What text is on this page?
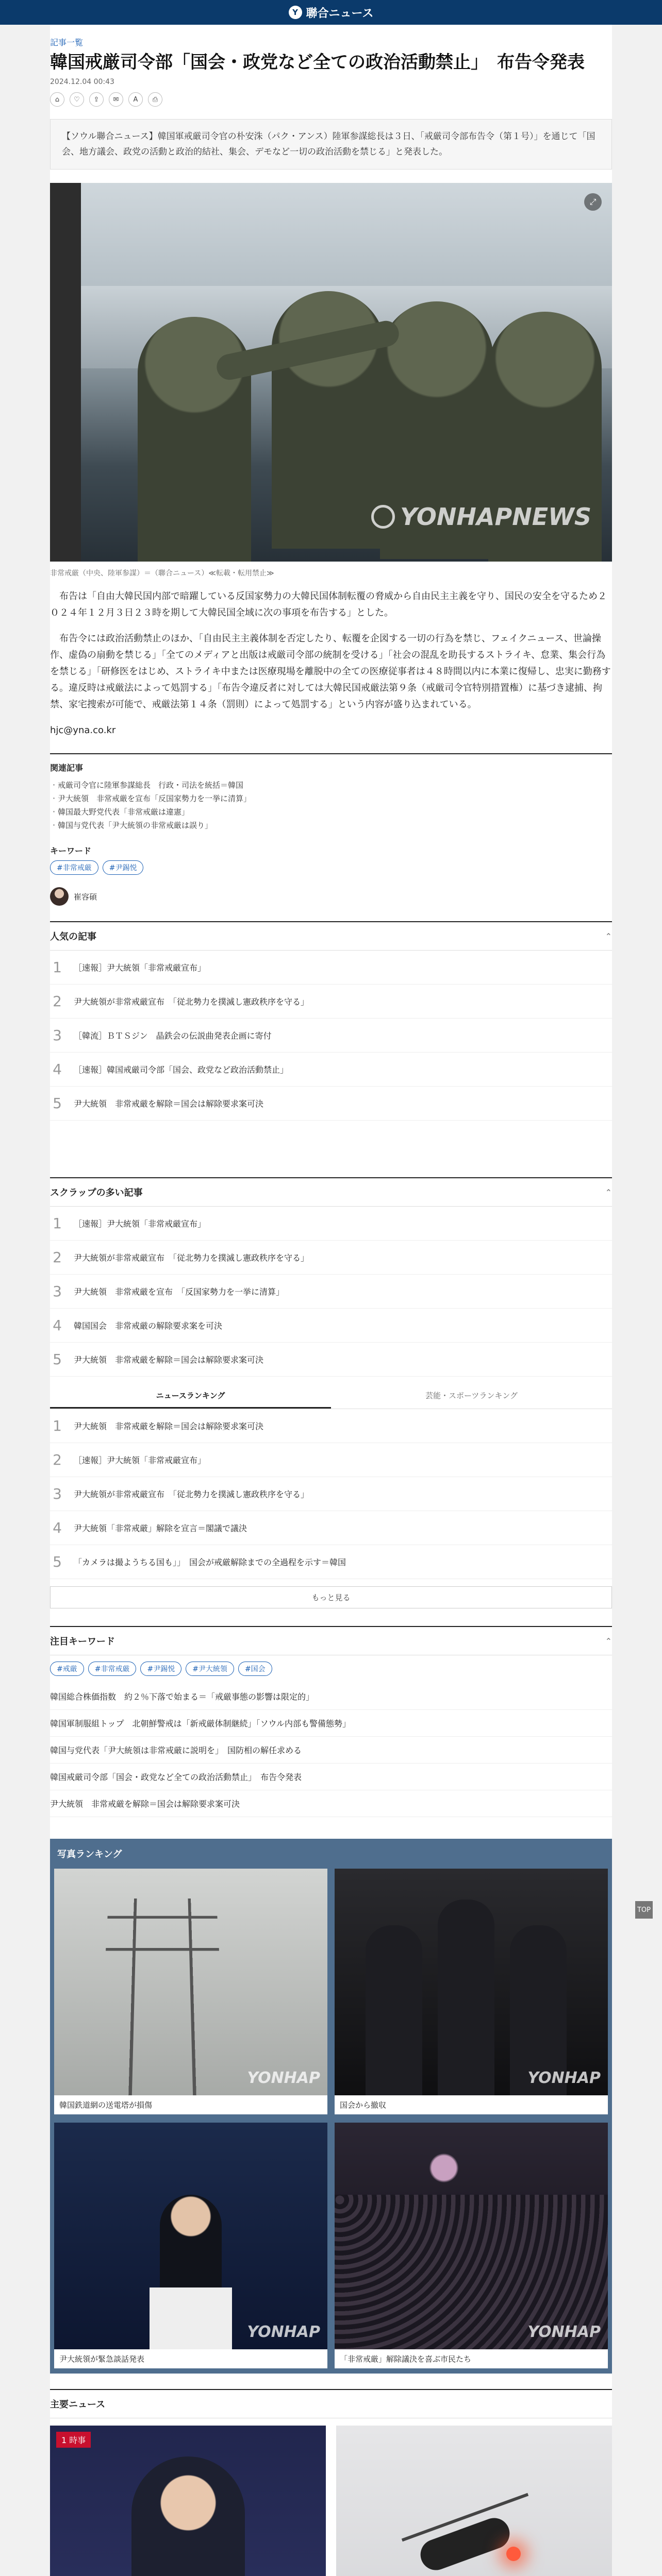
Y 聯合ニュース
記事一覧
韓国戒厳司令部「国会・政党など全ての政治活動禁止」　布告令発表
2024.12.04 00:43
⌂	♡	⇪	✉	A	⎙
【ソウル聯合ニュース】韓国軍戒厳司令官の朴安洙（パク・アンス）陸軍参謀総長は３日、「戒厳司令部布告令（第１号）」を通じて「国会、地方議会、政党の活動と政治的結社、集会、デモなど一切の政治活動を禁じる」と発表した。
⤢
YONHAPNEWS
非常戒厳（中央、陸軍参謀）＝（聯合ニュース）≪転載・転用禁止≫

布告は「自由大韓民国内部で暗躍している反国家勢力の大韓民国体制転覆の脅威から自由民主主義を守り、国民の安全を守るため２０２４年１２月３日２３時を期して大韓民国全域に次の事項を布告する」とした。

布告令には政治活動禁止のほか、「自由民主主義体制を否定したり、転覆を企図する一切の行為を禁じ、フェイクニュース、世論操作、虚偽の扇動を禁じる」「全てのメディアと出版は戒厳司令部の統制を受ける」「社会の混乱を助長するストライキ、怠業、集会行為を禁じる」「研修医をはじめ、ストライキ中または医療現場を離脱中の全ての医療従事者は４８時間以内に本業に復帰し、忠実に勤務する。違反時は戒厳法によって処罰する」「布告令違反者に対しては大韓民国戒厳法第９条（戒厳司令官特別措置権）に基づき逮捕、拘禁、家宅捜索が可能で、戒厳法第１４条（罰則）によって処罰する」という内容が盛り込まれている。

hjc@yna.co.kr
関連記事
・ 戒厳司令官に陸軍参謀総長　行政・司法を統括＝韓国
・ 尹大統領　非常戒厳を宣布「反国家勢力を一挙に清算」
・ 韓国最大野党代表「非常戒厳は違憲」
・ 韓国与党代表「尹大統領の非常戒厳は誤り」
キーワード
#非常戒厳	#尹錫悦
崔容碩
人気の記事	⌃
1	［速報］尹大統領「非常戒厳宣布」
2	尹大統領が非常戒厳宣布　「従北勢力を撲滅し憲政秩序を守る」
3	［韓流］ＢＴＳジン　晶鉄会の伝説曲発表企画に寄付
4	［速報］韓国戒厳司令部「国会、政党など政治活動禁止」
5	尹大統領　非常戒厳を解除＝国会は解除要求案可決
スクラップの多い記事	⌃
1	［速報］尹大統領「非常戒厳宣布」
2	尹大統領が非常戒厳宣布　「従北勢力を撲滅し憲政秩序を守る」
3	尹大統領　非常戒厳を宣布　「反国家勢力を一挙に清算」
4	韓国国会　非常戒厳の解除要求案を可決
5	尹大統領　非常戒厳を解除＝国会は解除要求案可決
ニュースランキング	芸能・スポーツランキング
1	尹大統領　非常戒厳を解除＝国会は解除要求案可決
2	［速報］尹大統領「非常戒厳宣布」
3	尹大統領が非常戒厳宣布　「従北勢力を撲滅し憲政秩序を守る」
4	尹大統領「非常戒厳」解除を宣言＝閣議で議決
5	「カメラは撮ようちる国も」」　国会が戒厳解除までの全過程を示す＝韓国
もっと見る
注目キーワード	⌃
#戒厳	#非常戒厳	#尹錫悦	#尹大統領	#国会
韓国総合株価指数　約２％下落で始まる＝「戒厳事態の影響は限定的」
韓国軍制服組トップ　北朝鮮警戒は「新戒厳体制継続」「ソウル内部も警備態勢」
韓国与党代表「尹大統領は非常戒厳に説明を」　国防相の解任求める
韓国戒厳司令部「国会・政党など全ての政治活動禁止」　布告令発表
尹大統領　非常戒厳を解除＝国会は解除要求案可決
写真ランキング
YONHAP
韓国鉄道網の送電塔が損傷
YONHAP
国会から撤収
YONHAP
尹大統領が緊急談話発表
YONHAP
「非常戒厳」解除議決を喜ぶ市民たち
主要ニュース
1 時事
TOP
